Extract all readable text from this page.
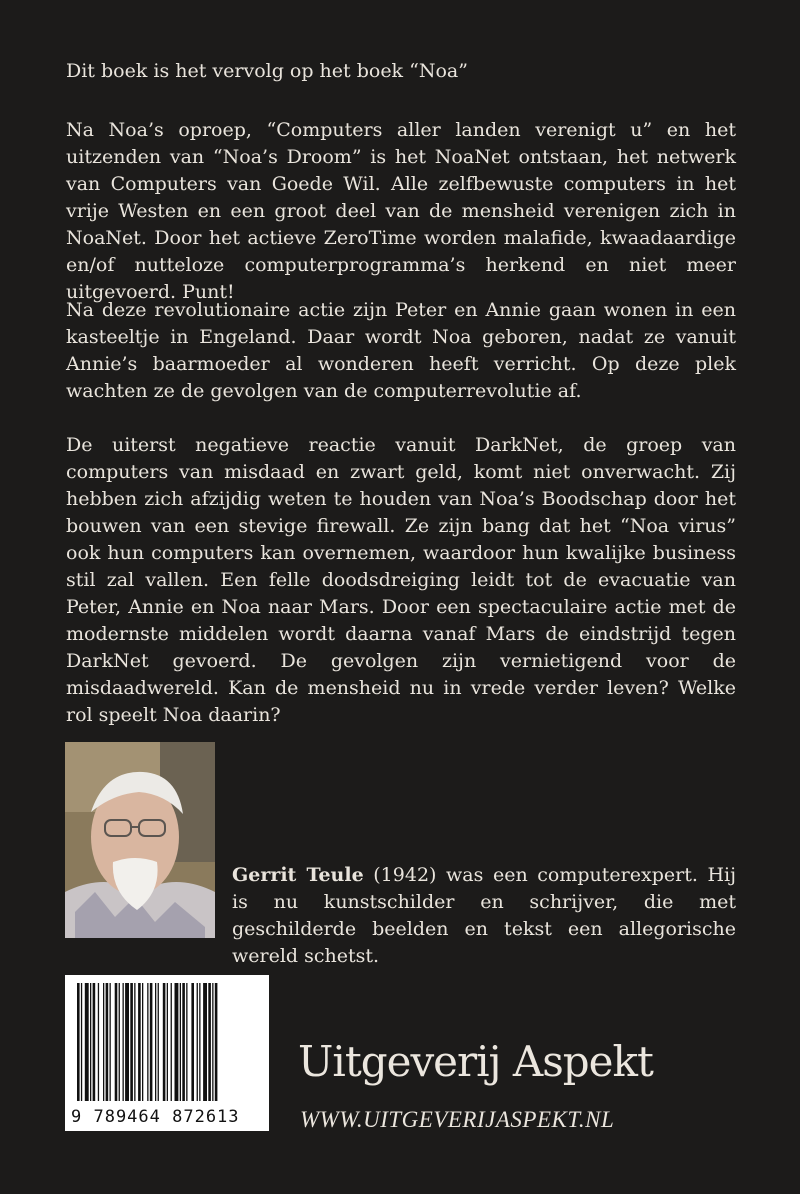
Dit boek is het vervolg op het boek “Noa”

Na Noa’s oproep, “Computers aller landen verenigt u” en het uitzenden van “Noa’s Droom” is het NoaNet ontstaan, het netwerk van Computers van Goede Wil. Alle zelfbewuste computers in het vrije Westen en een groot deel van de mensheid verenigen zich in NoaNet. Door het actieve ZeroTime worden malafide, kwaadaardige en/of nutteloze computerprogramma’s herkend en niet meer uitgevoerd. Punt!

Na deze revolutionaire actie zijn Peter en Annie gaan wonen in een kasteeltje in Engeland. Daar wordt Noa geboren, nadat ze vanuit Annie’s baarmoeder al wonderen heeft verricht. Op deze plek wachten ze de gevolgen van de computerrevolutie af.

De uiterst negatieve reactie vanuit DarkNet, de groep van computers van misdaad en zwart geld, komt niet onverwacht. Zij hebben zich afzijdig weten te houden van Noa’s Boodschap door het bouwen van een stevige firewall. Ze zijn bang dat het “Noa virus” ook hun computers kan overnemen, waardoor hun kwalijke business stil zal vallen. Een felle doodsdreiging leidt tot de evacuatie van Peter, Annie en Noa naar Mars. Door een spectaculaire actie met de modernste middelen wordt daarna vanaf Mars de eindstrijd tegen DarkNet gevoerd. De gevolgen zijn vernietigend voor de misdaadwereld. Kan de mensheid nu in vrede verder leven? Welke rol speelt Noa daarin?

Gerrit Teule (1942) was een computerexpert. Hij is nu kunstschilder en schrijver, die met geschilderde beelden en tekst een allegorische wereld schetst.

9 789464 872613
Uitgeverij Aspekt
WWW.UITGEVERIJASPEKT.NL
